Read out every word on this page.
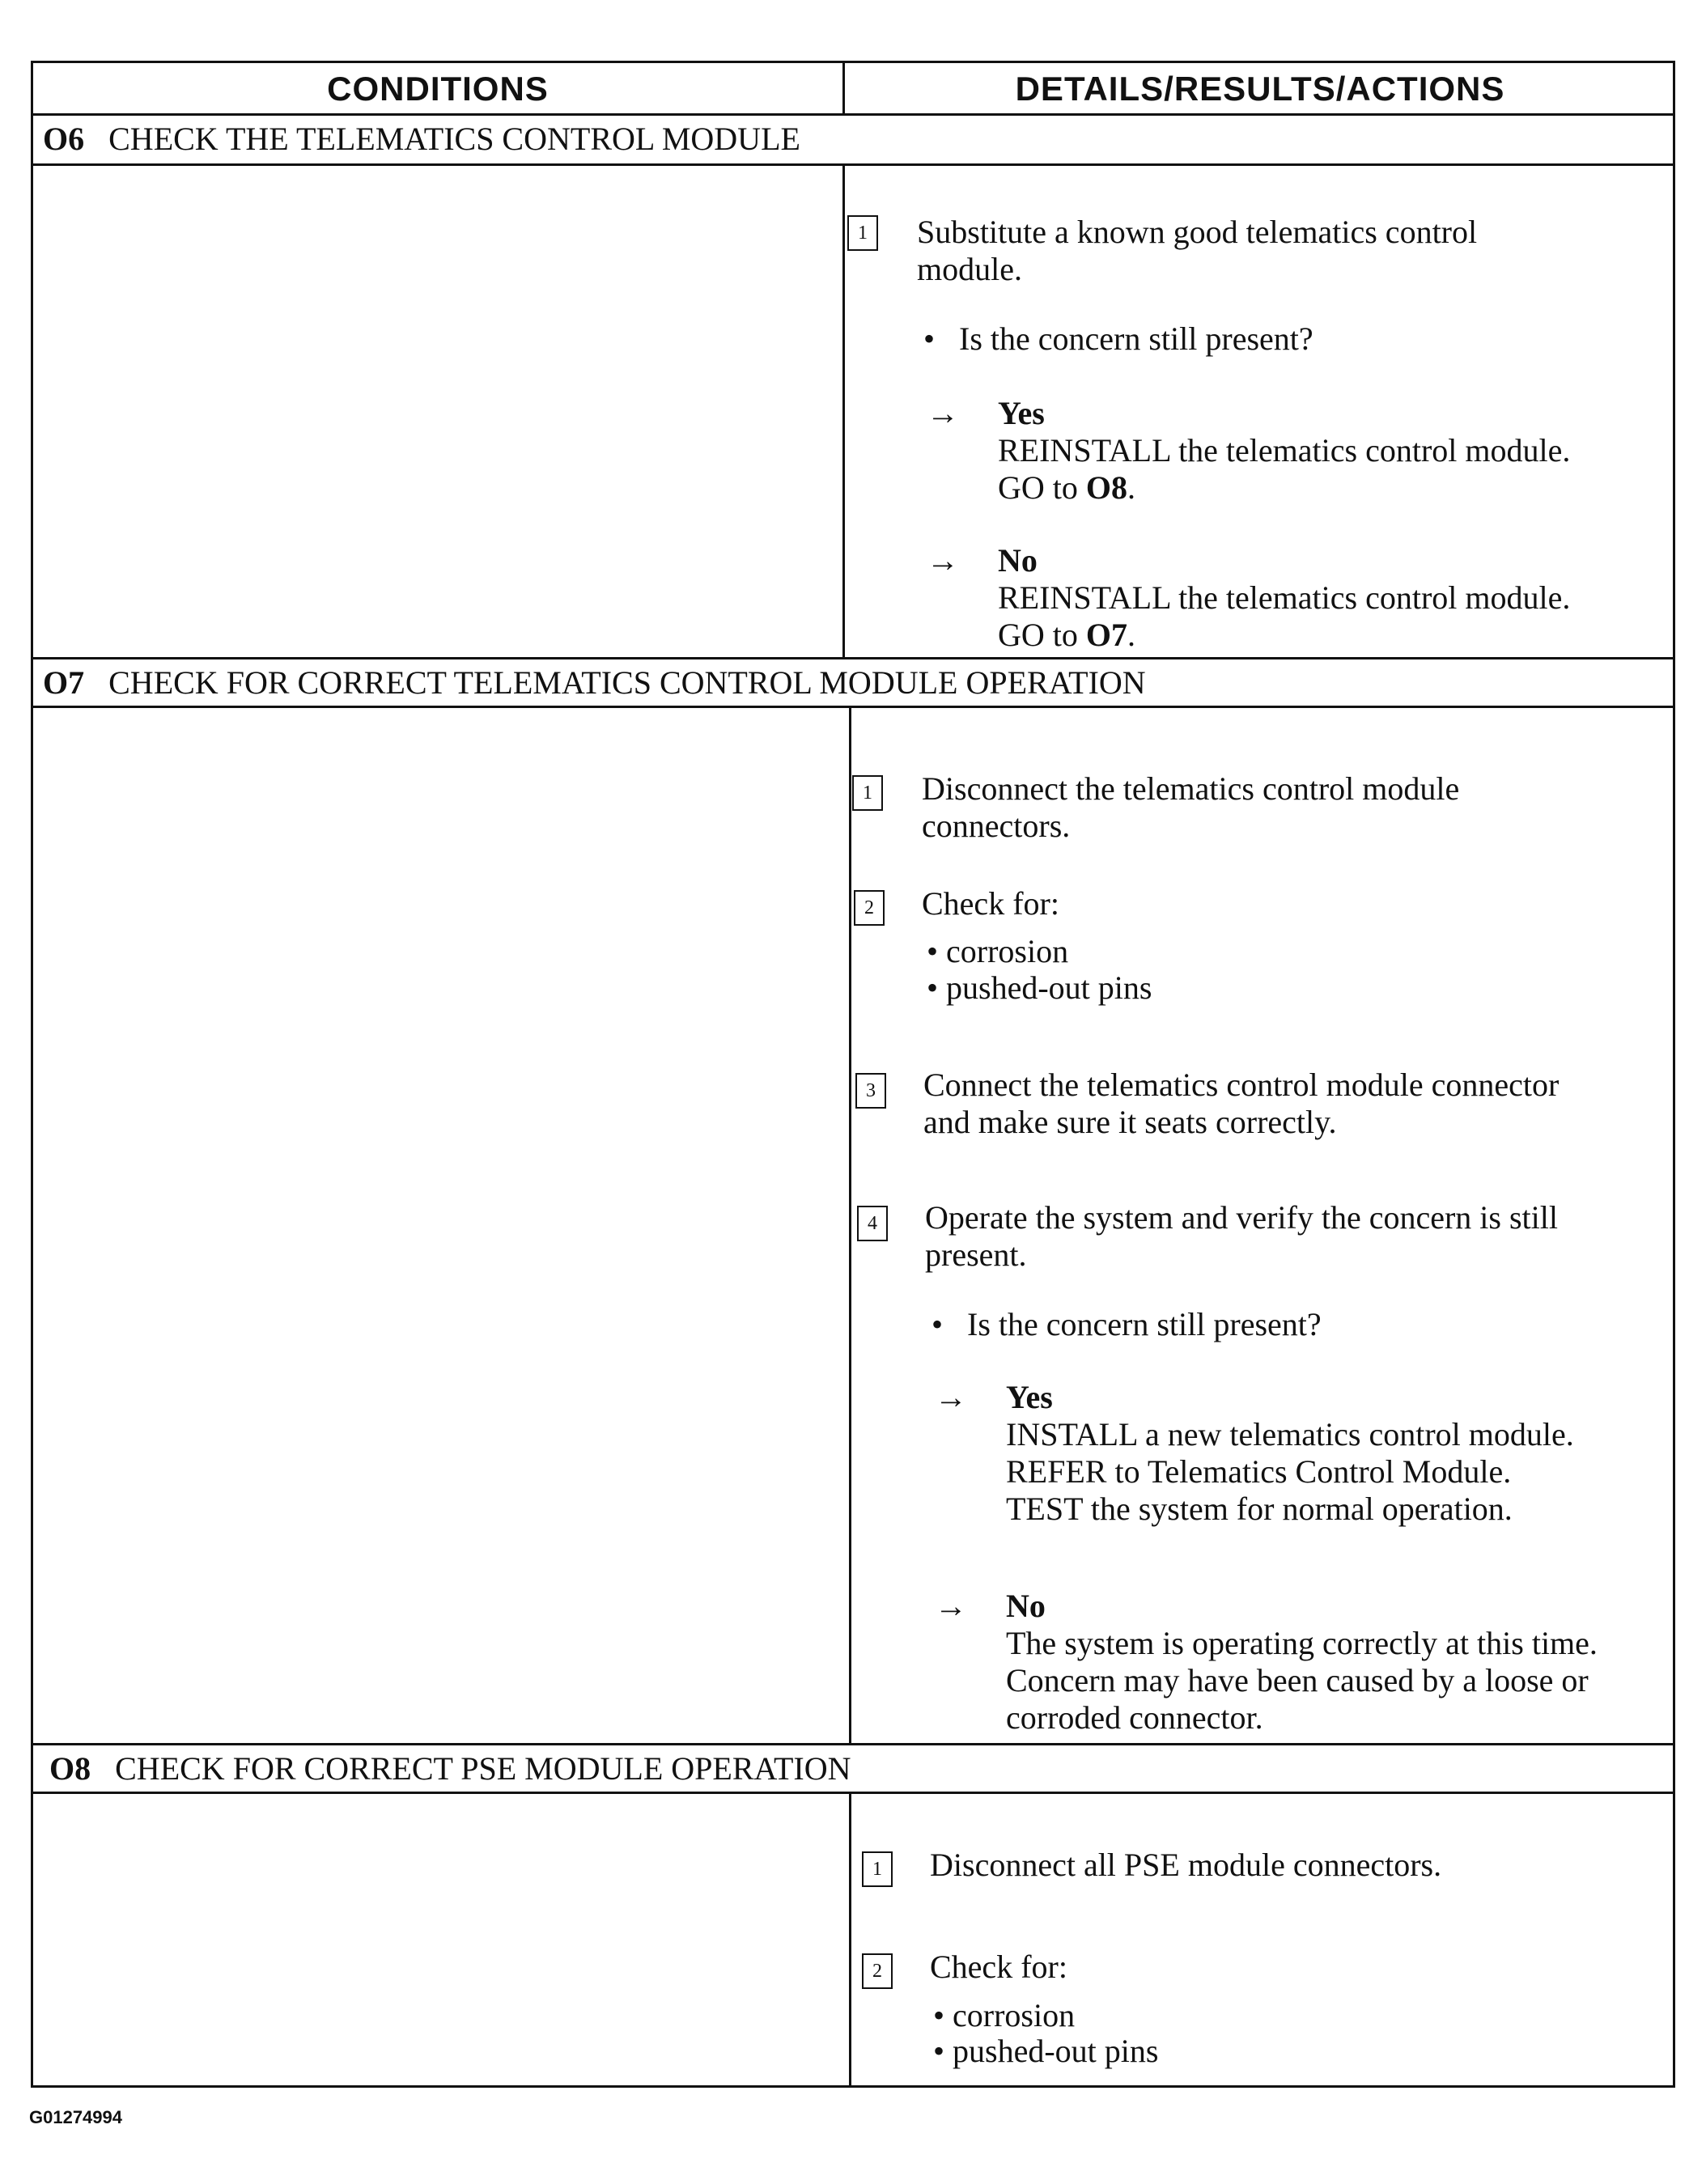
CONDITIONS	DETAILS/RESULTS/ACTIONS
O6 CHECK THE TELEMATICS CONTROL MODULE
1	Substitute a known good telematics control
module.
•   Is the concern still present?
→ Yes
REINSTALL the telematics control module.
GO to O8.
→ No
REINSTALL the telematics control module.
GO to O7.
O7 CHECK FOR CORRECT TELEMATICS CONTROL MODULE OPERATION
1	Disconnect the telematics control module
connectors.
2	Check for:
• corrosion
• pushed-out pins
3	Connect the telematics control module connector
and make sure it seats correctly.
4	Operate the system and verify the concern is still
present.
•   Is the concern still present?
→ Yes
INSTALL a new telematics control module.
REFER to Telematics Control Module.
TEST the system for normal operation.
→ No
The system is operating correctly at this time.
Concern may have been caused by a loose or
corroded connector.
O8 CHECK FOR CORRECT PSE MODULE OPERATION
1	Disconnect all PSE module connectors.
2	Check for:
• corrosion
• pushed-out pins
G01274994
